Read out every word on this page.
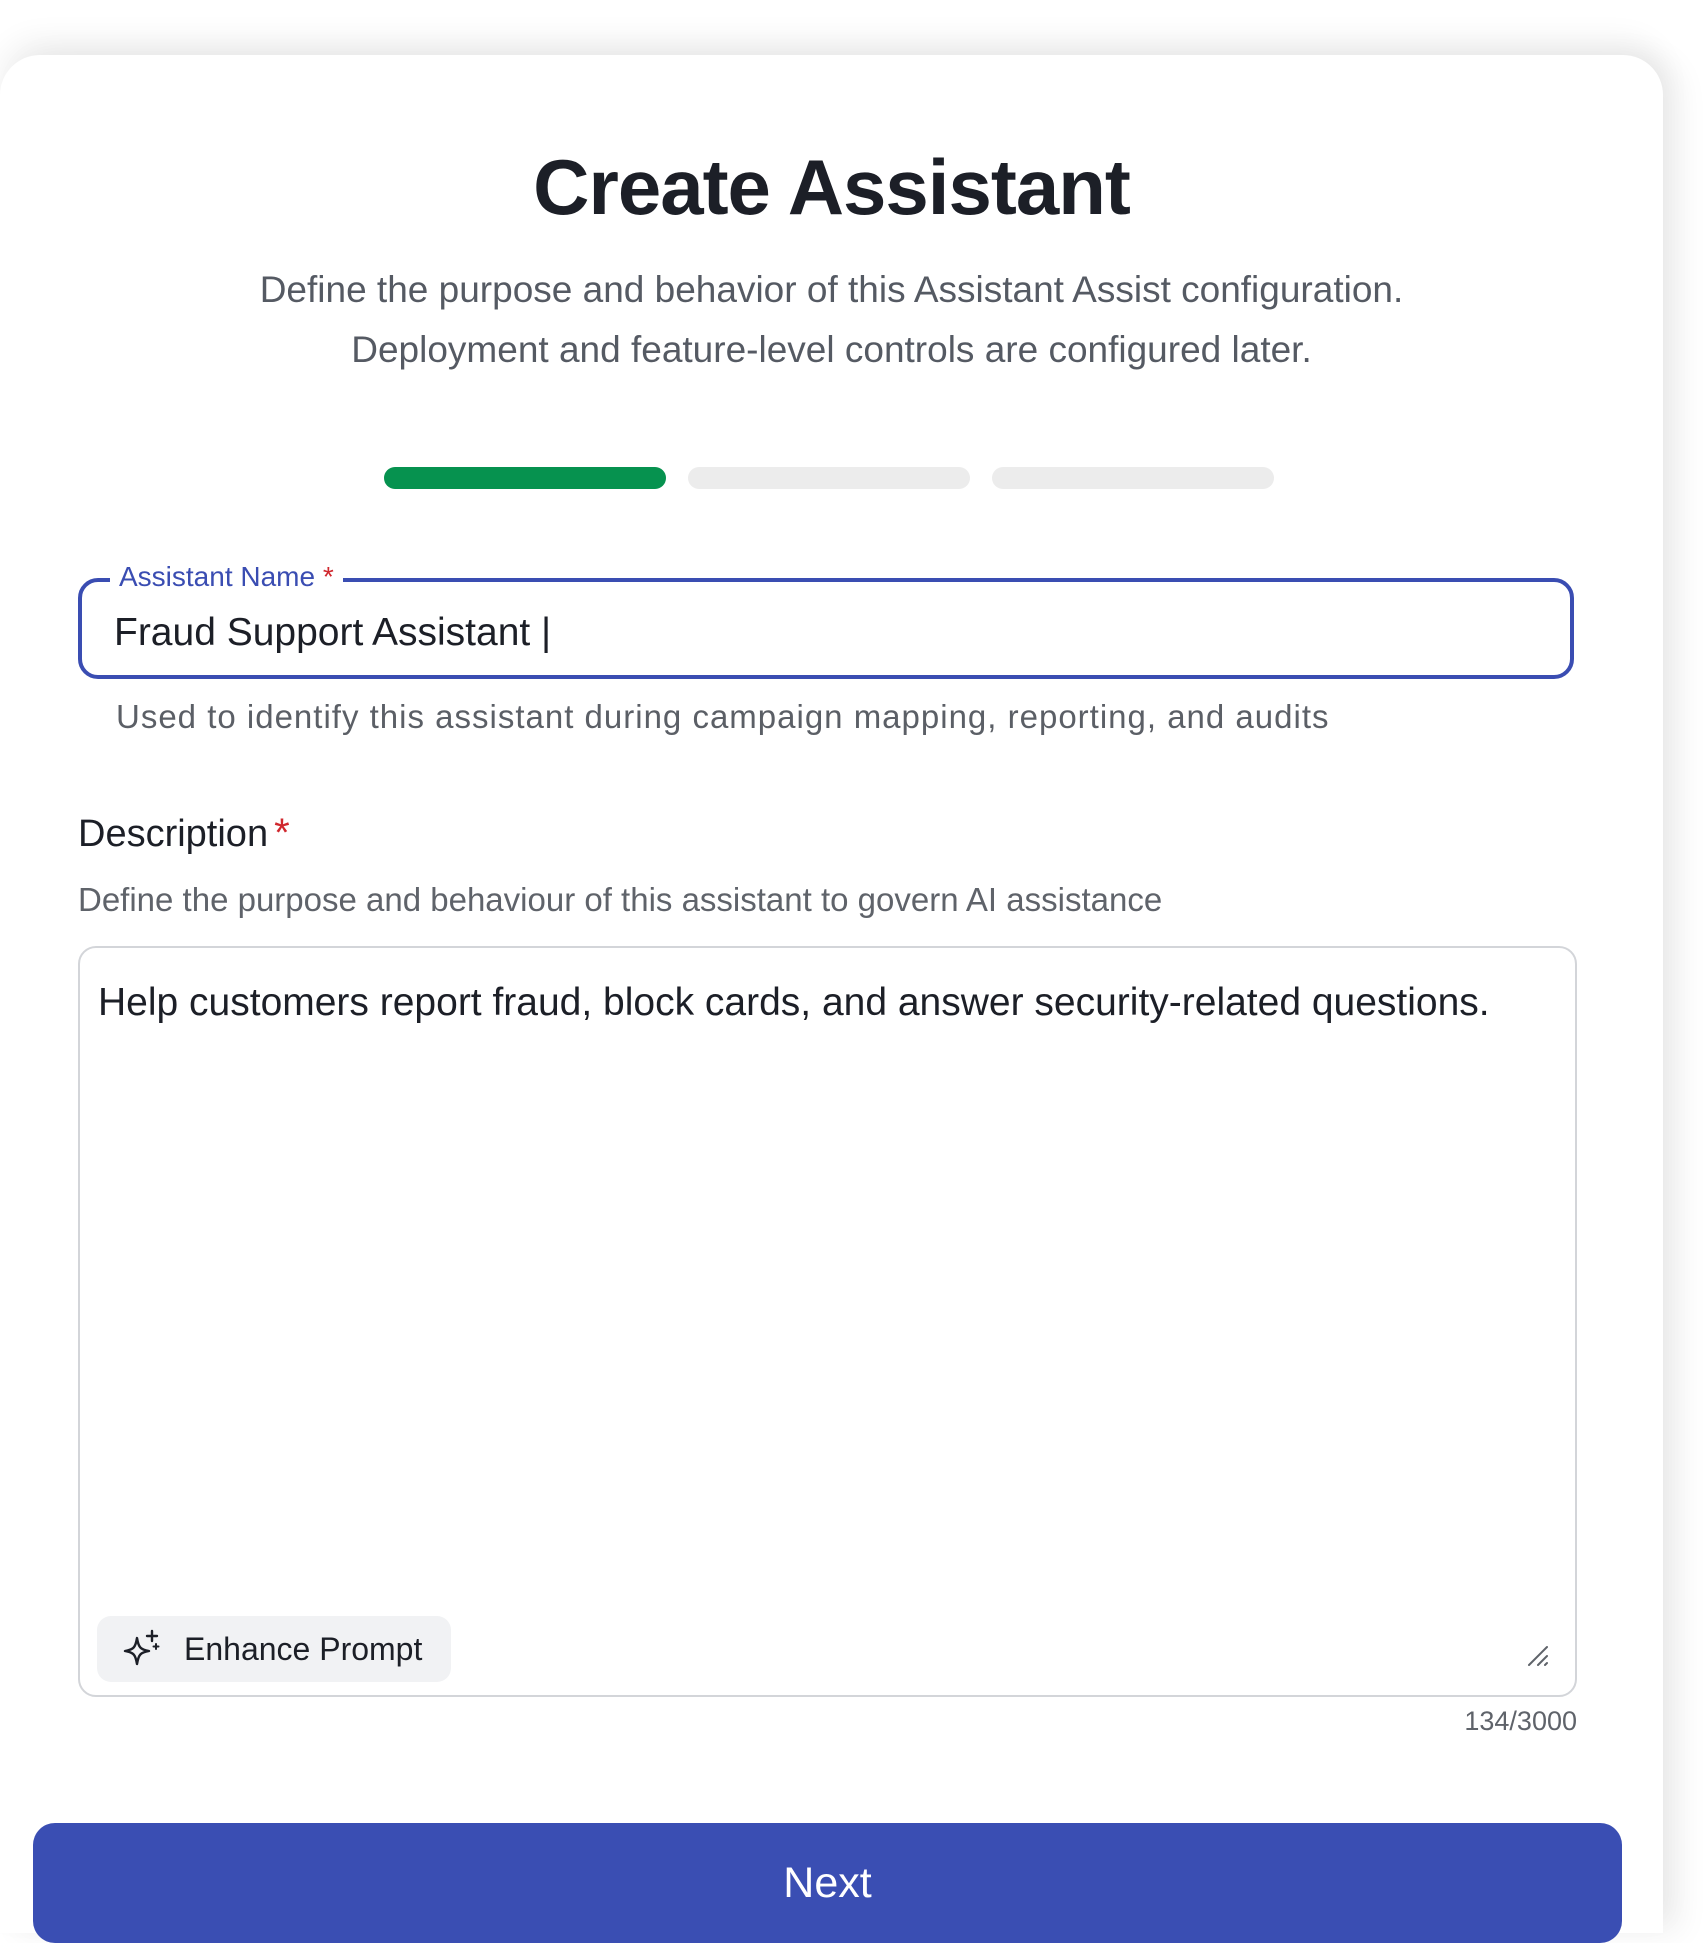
Create Assistant
Define the purpose and behavior of this Assistant Assist configuration.
Deployment and feature-level controls are configured later.
Assistant Name *
Fraud Support Assistant |
Used to identify this assistant during campaign mapping, reporting, and audits
Description *
Define the purpose and behaviour of this assistant to govern AI assistance
Help customers report fraud, block cards, and answer security-related questions.
Enhance Prompt
134/3000
Next
